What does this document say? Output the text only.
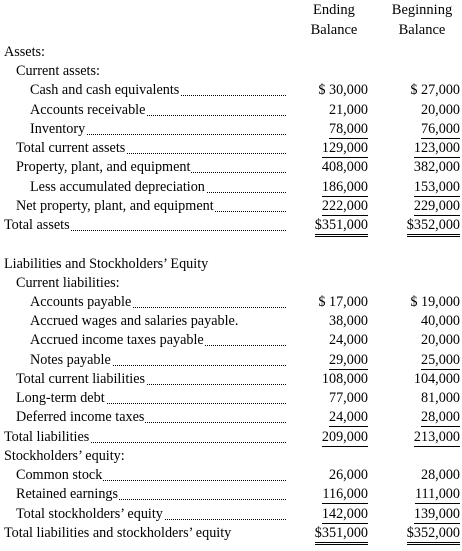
Ending
Balance
Beginning
Balance
Assets:
Current assets:
Cash and cash equivalents	$ 30,000	$ 27,000
Accounts receivable	21,000	20,000
Inventory	78,000	76,000
Total current assets	129,000	123,000
Property, plant, and equipment	408,000	382,000
Less accumulated depreciation	186,000	153,000
Net property, plant, and equipment	222,000	229,000
Total assets	$351,000	$352,000
Liabilities and Stockholders’ Equity
Current liabilities:
Accounts payable	$ 17,000	$ 19,000
Accrued wages and salaries payable.	38,000	40,000
Accrued income taxes payable	24,000	20,000
Notes payable	29,000	25,000
Total current liabilities	108,000	104,000
Long-term debt	77,000	81,000
Deferred income taxes	24,000	28,000
Total liabilities	209,000	213,000
Stockholders’ equity:
Common stock	26,000	28,000
Retained earnings	116,000	111,000
Total stockholders’ equity	142,000	139,000
Total liabilities and stockholders’ equity	$351,000	$352,000
